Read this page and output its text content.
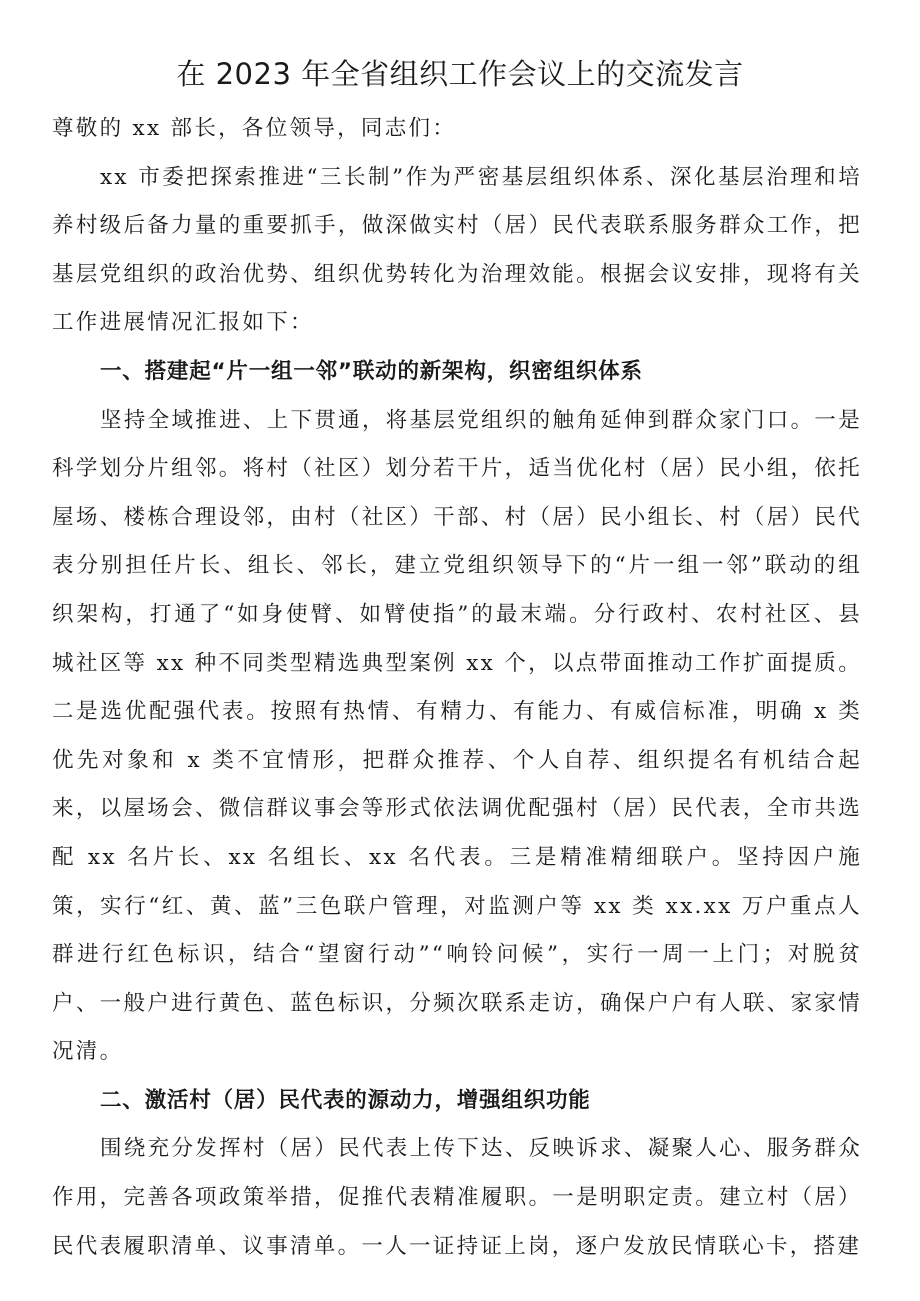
在 2023 年全省组织工作会议上的交流发言

尊敬的 xx 部长，各位领导，同志们：

xx 市委把探索推进“三长制”作为严密基层组织体系、深化基层治理和培养村级后备力量的重要抓手，做深做实村（居）民代表联系服务群众工作，把基层党组织的政治优势、组织优势转化为治理效能。根据会议安排，现将有关工作进展情况汇报如下：

一、搭建起“片一组一邻”联动的新架构，织密组织体系

坚持全域推进、上下贯通，将基层党组织的触角延伸到群众家门口。一是科学划分片组邻。将村（社区）划分若干片，适当优化村（居）民小组，依托屋场、楼栋合理设邻，由村（社区）干部、村（居）民小组长、村（居）民代表分别担任片长、组长、邻长，建立党组织领导下的“片一组一邻”联动的组织架构，打通了“如身使臂、如臂使指”的最末端。分行政村、农村社区、县城社区等 xx 种不同类型精选典型案例 xx 个，以点带面推动工作扩面提质。二是选优配强代表。按照有热情、有精力、有能力、有威信标准，明确 x 类优先对象和 x 类不宜情形，把群众推荐、个人自荐、组织提名有机结合起来，以屋场会、微信群议事会等形式依法调优配强村（居）民代表，全市共选配 xx 名片长、xx 名组长、xx 名代表。三是精准精细联户。坚持因户施策，实行“红、黄、蓝”三色联户管理，对监测户等 xx 类 xx.xx 万户重点人群进行红色标识，结合“望窗行动”“响铃问候”，实行一周一上门；对脱贫户、一般户进行黄色、蓝色标识，分频次联系走访，确保户户有人联、家家情况清。

二、激活村（居）民代表的源动力，增强组织功能

围绕充分发挥村（居）民代表上传下达、反映诉求、凝聚人心、服务群众作用，完善各项政策举措，促推代表精准履职。一是明职定责。建立村（居）民代表履职清单、议事清单。一人一证持证上岗，逐户发放民情联心卡，搭建
